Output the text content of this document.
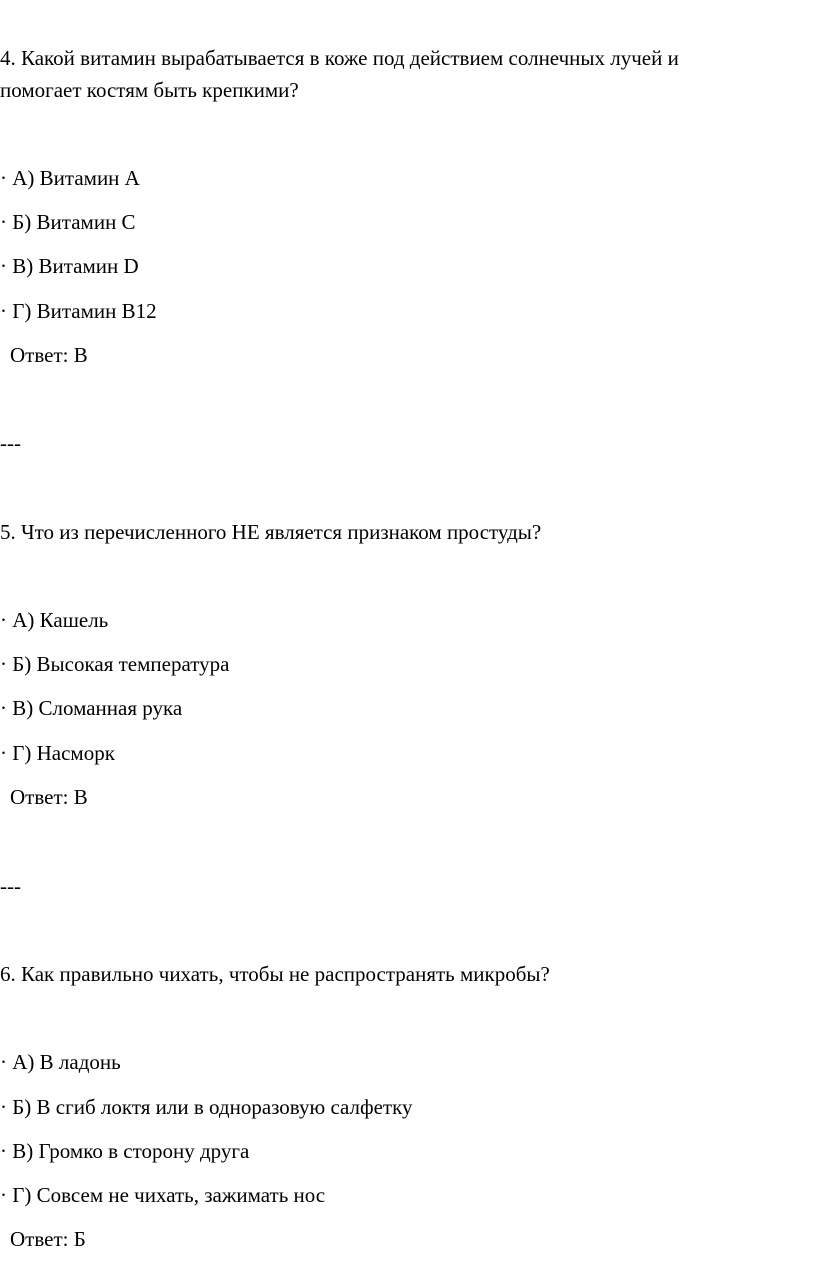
4. Какой витамин вырабатывается в коже под действием солнечных лучей и
помогает костям быть крепкими?
· А) Витамин А
· Б) Витамин С
· В) Витамин D
· Г) Витамин B12
Ответ: В
---
5. Что из перечисленного НЕ является признаком простуды?
· А) Кашель
· Б) Высокая температура
· В) Сломанная рука
· Г) Насморк
Ответ: В
---
6. Как правильно чихать, чтобы не распространять микробы?
· А) В ладонь
· Б) В сгиб локтя или в одноразовую салфетку
· В) Громко в сторону друга
· Г) Совсем не чихать, зажимать нос
Ответ: Б
